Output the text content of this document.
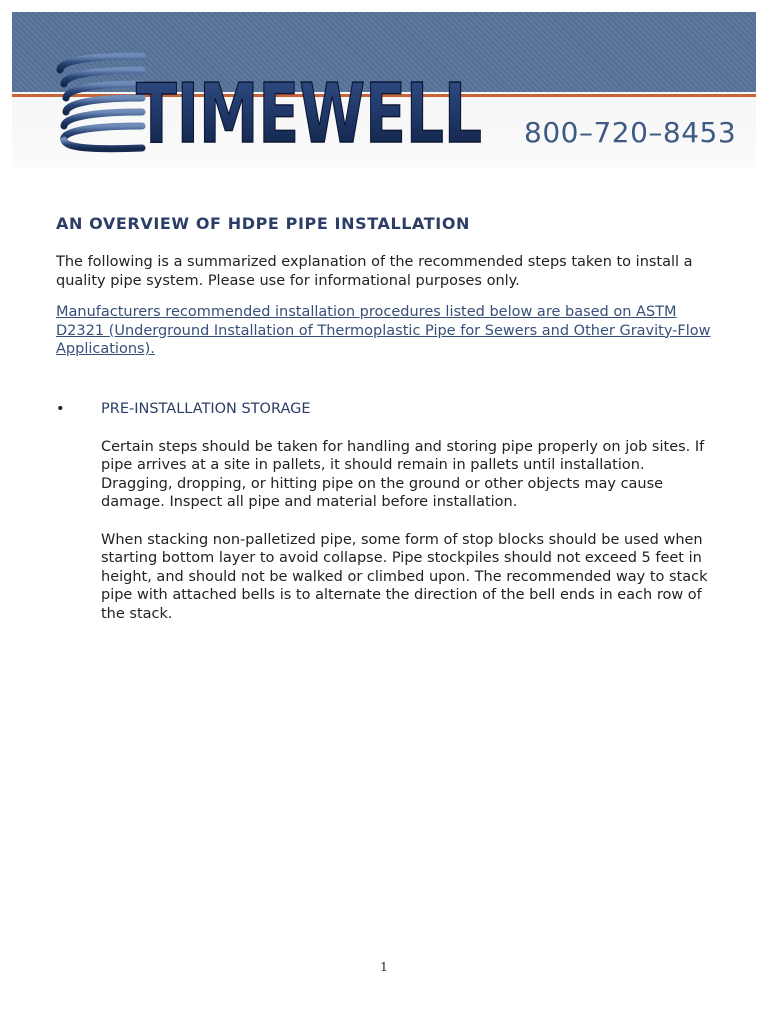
TIMEWELL 800–720–8453
AN OVERVIEW OF HDPE PIPE INSTALLATION

The following is a summarized explanation of the recommended steps taken to install a quality pipe system. Please use for informational purposes only.

Manufacturers recommended installation procedures listed below are based on ASTM D2321 (Underground Installation of Thermoplastic Pipe for Sewers and Other Gravity-Flow Applications).

•	PRE-INSTALLATION STORAGE

Certain steps should be taken for handling and storing pipe properly on job sites. If pipe arrives at a site in pallets, it should remain in pallets until installation. Dragging, dropping, or hitting pipe on the ground or other objects may cause damage. Inspect all pipe and material before installation.

When stacking non-palletized pipe, some form of stop blocks should be used when starting bottom layer to avoid collapse. Pipe stockpiles should not exceed 5 feet in height, and should not be walked or climbed upon. The recommended way to stack pipe with attached bells is to alternate the direction of the bell ends in each row of the stack.

1
